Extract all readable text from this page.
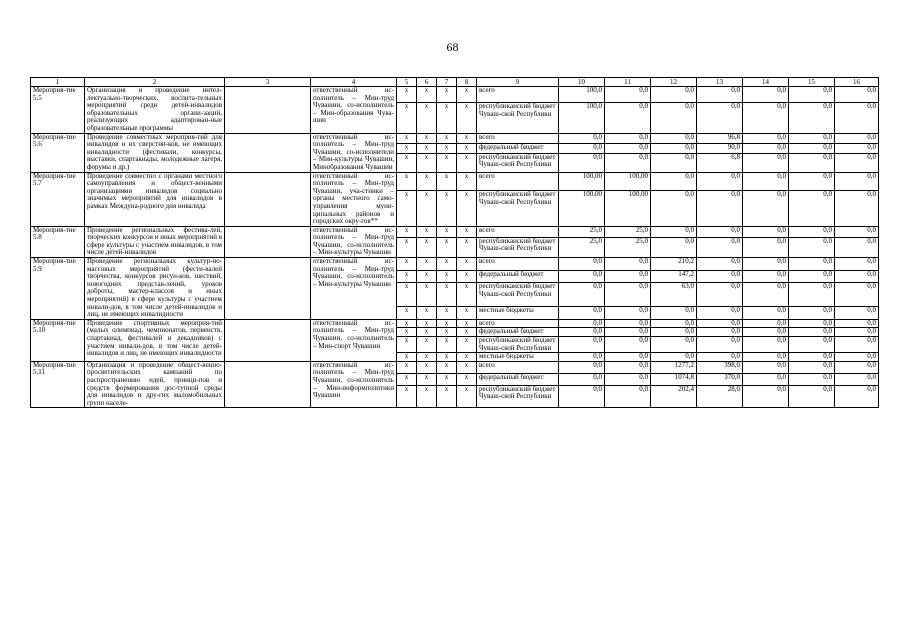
68
1	2	3	4	5	6	7	8	9	10	11	12	13	14	15	16
Мероприя-тие 5.5	Организация и проведение интел-лектуально-творческих, воспита-тельных мероприятий среди детей-инвалидов образовательных органи-заций, реализующих адаптирован-ные образовательные программы		ответственный ис-полнитель – Мин-труд Чувашии, со-исполнитель – Мин-образования Чува-шии	x	x	x	x	всего	100,0	0,0	0,0	0,0	0,0	0,0	0,0
				x	x	x	x	республиканский бюджет Чуваш-ской Республики	100,0	0,0	0,0	0,0	0,0	0,0	0,0
Мероприя-тие 5.6	Проведение совместных мероприя-тий для инвалидов и их сверстни-ков, не имеющих инвалидности (фестивали, конкурсы, выставки, спартакиады, молодежные лагеря, форумы и др.)		ответственный ис-полнитель – Мин-труд Чувашии, со-исполнители – Мин-культуры Чувашии, Минобразования Чувашии	x	x	x	x	всего	0,0	0,0	0,0	96,8	0,0	0,0	0,0
				x	x	x	x	федеральный бюджет	0,0	0,0	0,0	90,0	0,0	0,0	0,0
				x	x	x	x	республиканский бюджет Чуваш-ской Республики	0,0	0,0	0,0	6,8	0,0	0,0	0,0
Мероприя-тие 5.7	Проведение совместно с органами местного самоуправления и общест-венными организациями инвалидов социально значимых мероприятий для инвалидов в рамках Междуна-родного дня инвалида		ответственный ис-полнитель – Мин-труд Чувашии, уча-стники – органы местного само-управления муни-ципальных районов и городских окру-гов**	x	x	x	x	всего	100,00	100,00	0,0	0,0	0,0	0,0	0,0
				x	x	x	x	республиканский бюджет Чуваш-ской Республики	100,00	100,00	0,0	0,0	0,0	0,0	0,0
Мероприя-тие 5.8	Проведение региональных фестива-лей, творческих конкурсов и иных мероприятий в сфере культуры с участием инвалидов, в том числе детей-инвалидов		ответственный ис-полнитель – Мин-труд Чувашии, со-исполнитель – Мин-культуры Чувашии	x	x	x	x	всего	25,0	25,0	0,0	0,0	0,0	0,0	0,0
				x	x	x	x	республиканский бюджет Чуваш-ской Республики	25,0	25,0	0,0	0,0	0,0	0,0	0,0
Мероприя-тие 5.9	Проведение региональных культур-но-массовых мероприятий (фести-валей творчества, конкурсов рисун-ков, шествий, новогодних представ-лений, уроков доброты, мастер-классов и иных мероприятий) в сфере культуры с участием инвали-дов, в том числе детей-инвалидов и лиц, не имеющих инвалидности		ответственный ис-полнитель – Мин-труд Чувашии, со-исполнитель – Мин-культуры Чувашии	x	x	x	x	всего	0,0	0,0	210,2	0,0	0,0	0,0	0,0
				x	x	x	x	федеральный бюджет	0,0	0,0	147,2	0,0	0,0	0,0	0,0
				x	x	x	x	республиканский бюджет Чуваш-ской Республики	0,0	0,0	63,0	0,0	0,0	0,0	0,0
				x	x	x	x	местные бюджеты	0,0	0,0	0,0	0,0	0,0	0,0	0,0
Мероприя-тие 5.10	Проведение спортивных мероприя-тий (малых олимпиад, чемпионатов, первенств, спартакиад, фестивалей и декадников) с участием инвали-дов, в том числе детей-инвалидов и лиц, не имеющих инвалидности		ответственный ис-полнитель – Мин-труд Чувашии, со-исполнитель – Мин-спорт Чувашии	x	x	x	x	всего	0,0	0,0	0,0	0,0	0,0	0,0	0,0
				x	x	x	x	федеральный бюджет	0,0	0,0	0,0	0,0	0,0	0,0	0,0
				x	x	x	x	республиканский бюджет Чуваш-ской Республики	0,0	0,0	0,0	0,0	0,0	0,0	0,0
				x	x	x	x	местные бюджеты	0,0	0,0	0,0	0,0	0,0	0,0	0,0
Мероприя-тие 5.11	Организация и проведение общест-венно-просветительских кампаний по распространению идей, принци-пов и средств формирования дос-тупной среды для инвалидов и дру-гих маломобильных групп населе-		ответственный ис-полнитель – Мин-труд Чувашии, со-исполнитель – Мин-информполитики Чувашии	x	x	x	x	всего	0,0	0,0	1277,2	398,0	0,0	0,0	0,0
				x	x	x	x	федеральный бюджет	0,0	0,0	1074,8	370,0	0,0	0,0	0,0
				x	x	x	x	республиканский бюджет Чуваш-ской Республики	0,0	0,0	202,4	28,0	0,0	0,0	0,0
